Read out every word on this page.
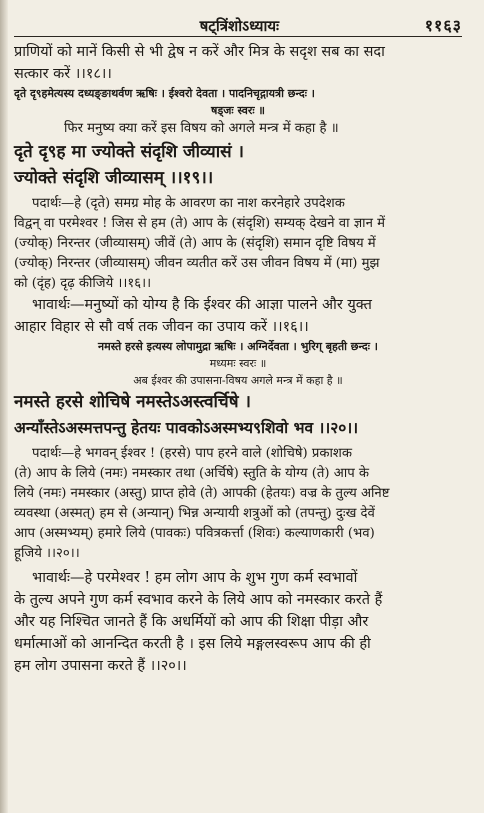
षट्त्रिंशोऽध्यायः	११६३

प्राणियों को मानें किसी से भी द्वेष न करें और मित्र के सदृश सब का सदा

सत्कार करें ।।१८।।

दृते दृ९हमेत्यस्य दध्यङ्ङाथर्वण ऋषिः । ईश्वरो देवता । पादनिचृद्गायत्री छन्दः ।

षड्जः स्वरः ॥

फिर मनुष्य क्या करें इस विषय को अगले मन्त्र में कहा है ॥

दृते दृ९ह मा ज्योक्ते संदृशि जीव्यासं ।

ज्योक्ते संदृशि जीव्यासम् ।।१९।।

पदार्थः—हे (दृते) समग्र मोह के आवरण का नाश करनेहारे उपदेशक

विद्वन् वा परमेश्वर ! जिस से हम (ते) आप के (संदृशि) सम्यक् देखने वा ज्ञान में

(ज्योक्) निरन्तर (जीव्यासम्) जीवें (ते) आप के (संदृशि) समान दृष्टि विषय में

(ज्योक्) निरन्तर (जीव्यासम्) जीवन व्यतीत करें उस जीवन विषय में (मा) मुझ

को (दृंह) दृढ़ कीजिये ।।१६।।

भावार्थः—मनुष्यों को योग्य है कि ईश्वर की आज्ञा पालने और युक्त

आहार विहार से सौ वर्ष तक जीवन का उपाय करें ।।१६।।

नमस्ते हरसे इत्यस्य लोपामुद्रा ऋषिः । अग्निर्देवता । भुरिग् बृहती छन्दः ।

मध्यमः स्वरः ॥

अब ईश्वर की उपासना-विषय अगले मन्त्र में कहा है ॥

नमस्ते हरसे शोचिषे नमस्तेऽअस्त्वर्चिषे ।

अन्याँस्तेऽअस्मत्तपन्तु हेतयः पावकोऽअस्मभ्य९शिवो भव ।।२०।।

पदार्थः—हे भगवन् ईश्वर ! (हरसे) पाप हरने वाले (शोचिषे) प्रकाशक

(ते) आप के लिये (नमः) नमस्कार तथा (अर्चिषे) स्तुति के योग्य (ते) आप के

लिये (नमः) नमस्कार (अस्तु) प्राप्त होवे (ते) आपकी (हेतयः) वज्र के तुल्य अनिष्ट

व्यवस्था (अस्मत्) हम से (अन्यान्) भिन्न अन्यायी शत्रुओं को (तपन्तु) दुःख देवें

आप (अस्मभ्यम्) हमारे लिये (पावकः) पवित्रकर्त्ता (शिवः) कल्याणकारी (भव)

हूजिये ।।२०।।

भावार्थः—हे परमेश्वर ! हम लोग आप के शुभ गुण कर्म स्वभावों

के तुल्य अपने गुण कर्म स्वभाव करने के लिये आप को नमस्कार करते हैं

और यह निश्चित जानते हैं कि अधर्मियों को आप की शिक्षा पीड़ा और

धर्मात्माओं को आनन्दित करती है । इस लिये मङ्गलस्वरूप आप की ही

हम लोग उपासना करते हैं ।।२०।।
